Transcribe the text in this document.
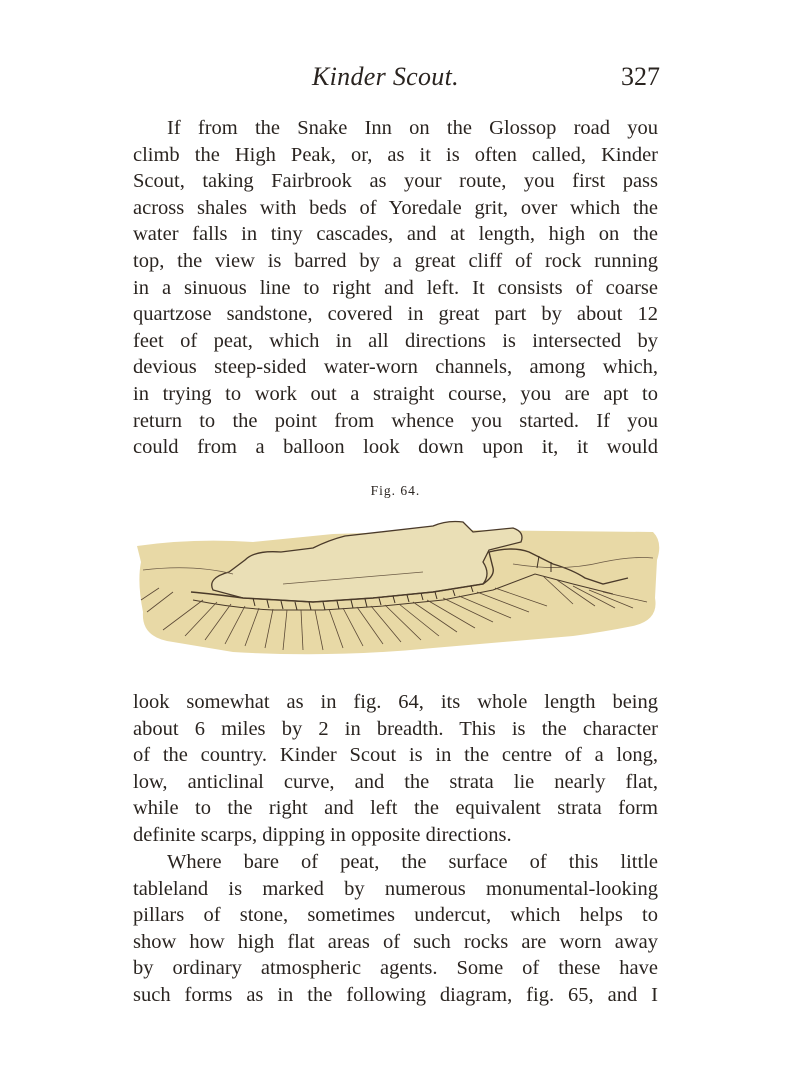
Kinder Scout.	327

If from the Snake Inn on the Glossop road you
climb the High Peak, or, as it is often called, Kinder
Scout, taking Fairbrook as your route, you first pass
across shales with beds of Yoredale grit, over which the
water falls in tiny cascades, and at length, high on the
top, the view is barred by a great cliff of rock running
in a sinuous line to right and left. It consists of coarse
quartzose sandstone, covered in great part by about 12
feet of peat, which in all directions is intersected by
devious steep-sided water-worn channels, among which,
in trying to work out a straight course, you are apt to
return to the point from whence you started. If you
could from a balloon look down upon it, it would

Fig. 64.

look somewhat as in fig. 64, its whole length being
about 6 miles by 2 in breadth. This is the character
of the country. Kinder Scout is in the centre of a long,
low, anticlinal curve, and the strata lie nearly flat,
while to the right and left the equivalent strata form
definite scarps, dipping in opposite directions.

Where bare of peat, the surface of this little
tableland is marked by numerous monumental-looking
pillars of stone, sometimes undercut, which helps to
show how high flat areas of such rocks are worn away
by ordinary atmospheric agents. Some of these have
such forms as in the following diagram, fig. 65, and I
